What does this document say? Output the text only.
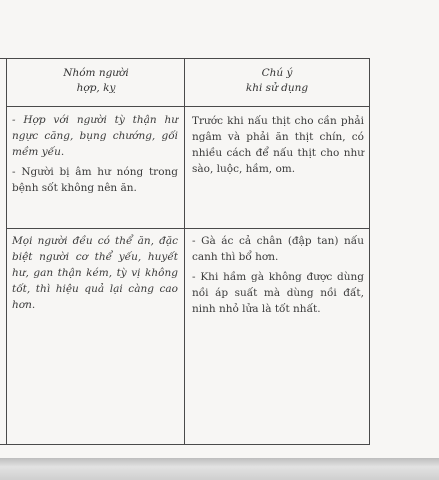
Nhóm người
hợp, kỵ
Chú ý
khi sử dụng

- Hợp với người tỳ thận hư ngực căng, bụng chướng, gối mềm yếu.

- Người bị âm hư nóng trong bệnh sốt không nên ăn.

Trước khi nấu thịt cho cần phải ngâm và phải ăn thịt chín, có nhiều cách để nấu thịt cho như sào, luộc, hầm, om.

Mọi người đều có thể ăn, đặc biệt người cơ thể yếu, huyết hư, gan thận kém, tỳ vị không tốt, thì hiệu quả lại càng cao hơn.

- Gà ác cả chân (đập tan) nấu canh thì bổ hơn.

- Khi hầm gà không được dùng nồi áp suất mà dùng nồi đất, ninh nhỏ lửa là tốt nhất.
